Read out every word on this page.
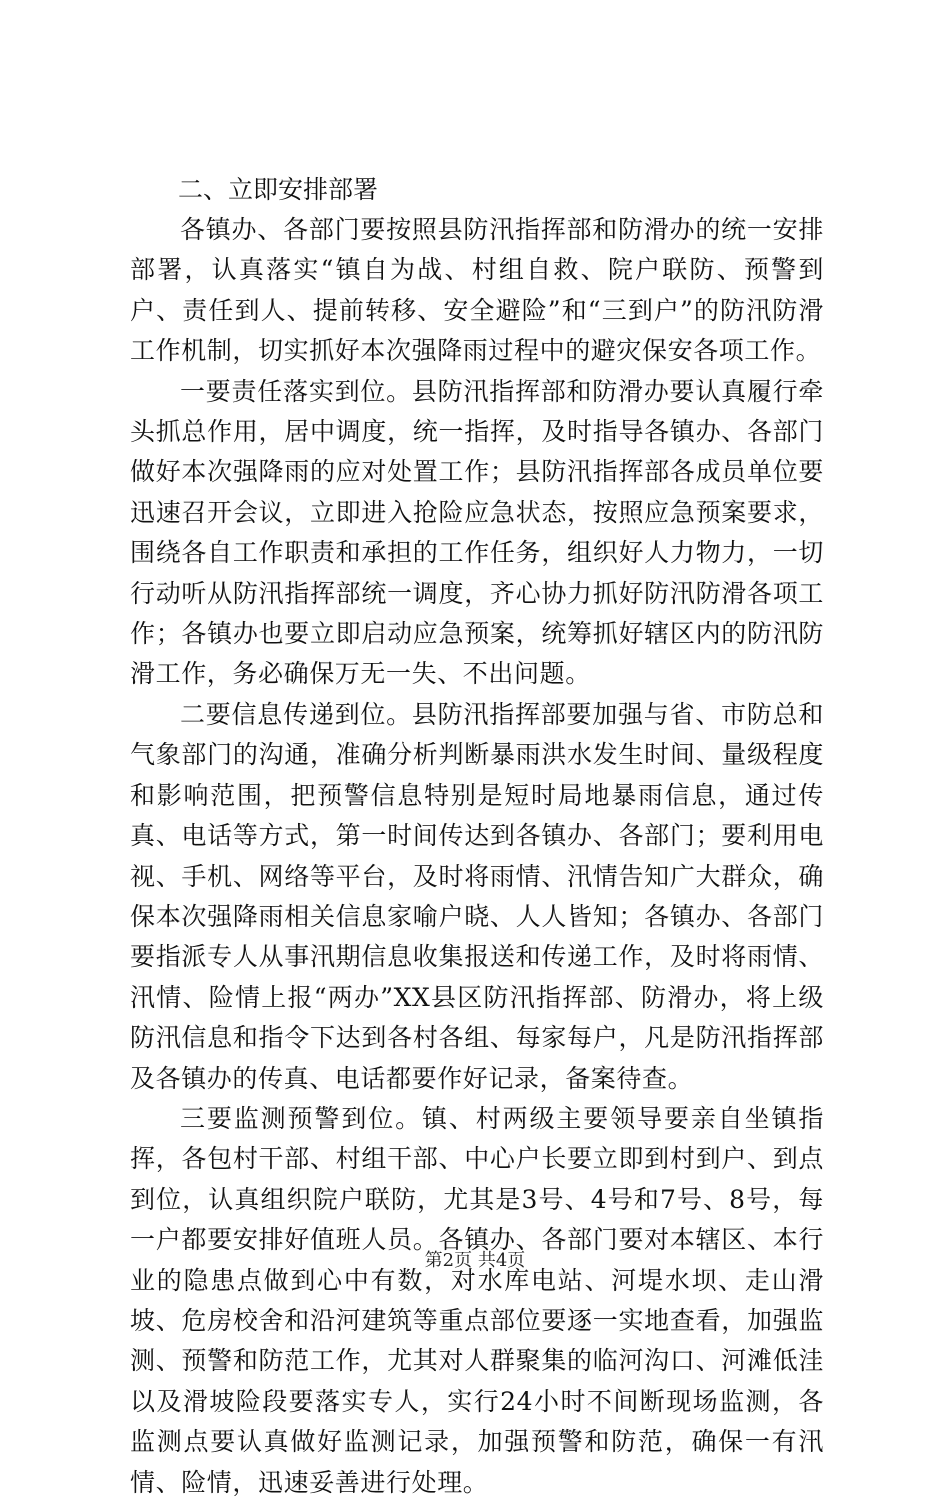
二、立即安排部署

各镇办、各部门要按照县防汛指挥部和防滑办的统一安排部署，认真落实“镇自为战、村组自救、院户联防、预警到户、责任到人、提前转移、安全避险”和“三到户”的防汛防滑工作机制，切实抓好本次强降雨过程中的避灾保安各项工作。

一要责任落实到位。县防汛指挥部和防滑办要认真履行牵头抓总作用，居中调度，统一指挥，及时指导各镇办、各部门做好本次强降雨的应对处置工作；县防汛指挥部各成员单位要迅速召开会议，立即进入抢险应急状态，按照应急预案要求，围绕各自工作职责和承担的工作任务，组织好人力物力，一切行动听从防汛指挥部统一调度，齐心协力抓好防汛防滑各项工作；各镇办也要立即启动应急预案，统筹抓好辖区内的防汛防滑工作，务必确保万无一失、不出问题。

二要信息传递到位。县防汛指挥部要加强与省、市防总和气象部门的沟通，准确分析判断暴雨洪水发生时间、量级程度和影响范围，把预警信息特别是短时局地暴雨信息，通过传真、电话等方式，第一时间传达到各镇办、各部门；要利用电视、手机、网络等平台，及时将雨情、汛情告知广大群众，确保本次强降雨相关信息家喻户晓、人人皆知；各镇办、各部门要指派专人从事汛期信息收集报送和传递工作，及时将雨情、汛情、险情上报“两办”XX县区防汛指挥部、防滑办，将上级防汛信息和指令下达到各村各组、每家每户，凡是防汛指挥部及各镇办的传真、电话都要作好记录，备案待查。

三要监测预警到位。镇、村两级主要领导要亲自坐镇指挥，各包村干部、村组干部、中心户长要立即到村到户、到点到位，认真组织院户联防，尤其是3号、4号和7号、8号，每一户都要安排好值班人员。各镇办、各部门要对本辖区、本行业的隐患点做到心中有数，对水库电站、河堤水坝、走山滑坡、危房校舍和沿河建筑等重点部位要逐一实地查看，加强监测、预警和防范工作，尤其对人群聚集的临河沟口、河滩低洼以及滑坡险段要落实专人，实行24小时不间断现场监测，各监测点要认真做好监测记录，加强预警和防范，确保一有汛情、险情，迅速妥善进行处理。

第2页 共4页
